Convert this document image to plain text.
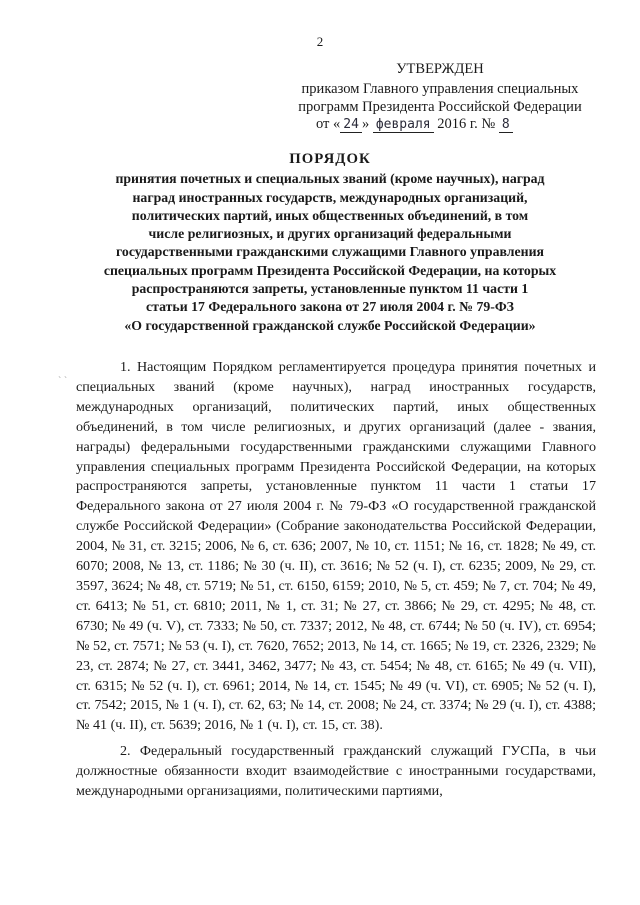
2
УТВЕРЖДЕН
приказом Главного управления специальных
программ Президента Российской Федерации
от « 24 » февраля 2016 г. № 8
ПОРЯДОК
принятия почетных и специальных званий (кроме научных), наград
наград иностранных государств, международных организаций,
политических партий, иных общественных объединений, в том
числе религиозных, и других организаций федеральными
государственными гражданскими служащими Главного управления
специальных программ Президента Российской Федерации, на которых
распространяются запреты, установленные пунктом 11 части 1
статьи 17 Федерального закона от 27 июля 2004 г. № 79-ФЗ
«О государственной гражданской службе Российской Федерации»
` `

1. Настоящим Порядком регламентируется процедура принятия почетных и специальных званий (кроме научных), наград иностранных государств, международных организаций, политических партий, иных общественных объединений, в том числе религиозных, и других организаций (далее - звания, награды) федеральными государственными гражданскими служащими Главного управления специальных программ Президента Российской Федерации, на которых распространяются запреты, установленные пунктом 11 части 1 статьи 17 Федерального закона от 27 июля 2004 г. № 79-ФЗ «О государственной гражданской службе Российской Федерации» (Собрание законодательства Российской Федерации, 2004, № 31, ст. 3215; 2006, № 6, ст. 636; 2007, № 10, ст. 1151; № 16, ст. 1828; № 49, ст. 6070; 2008, № 13, ст. 1186; № 30 (ч. II), ст. 3616; № 52 (ч. I), ст. 6235; 2009, № 29, ст. 3597, 3624; № 48, ст. 5719; № 51, ст. 6150, 6159; 2010, № 5, ст. 459; № 7, ст. 704; № 49, ст. 6413; № 51, ст. 6810; 2011, № 1, ст. 31; № 27, ст. 3866; № 29, ст. 4295; № 48, ст. 6730; № 49 (ч. V), ст. 7333; № 50, ст. 7337; 2012, № 48, ст. 6744; № 50 (ч. IV), ст. 6954; № 52, ст. 7571; № 53 (ч. I), ст. 7620, 7652; 2013, № 14, ст. 1665; № 19, ст. 2326, 2329; № 23, ст. 2874; № 27, ст. 3441, 3462, 3477; № 43, ст. 5454; № 48, ст. 6165; № 49 (ч. VII), ст. 6315; № 52 (ч. I), ст. 6961; 2014, № 14, ст. 1545; № 49 (ч. VI), ст. 6905; № 52 (ч. I), ст. 7542; 2015, № 1 (ч. I), ст. 62, 63; № 14, ст. 2008; № 24, ст. 3374; № 29 (ч. I), ст. 4388; № 41 (ч. II), ст. 5639; 2016, № 1 (ч. I), ст. 15, ст. 38).

2. Федеральный государственный гражданский служащий ГУСПа, в чьи должностные обязанности входит взаимодействие с иностранными государствами, международными организациями, политическими партиями,
